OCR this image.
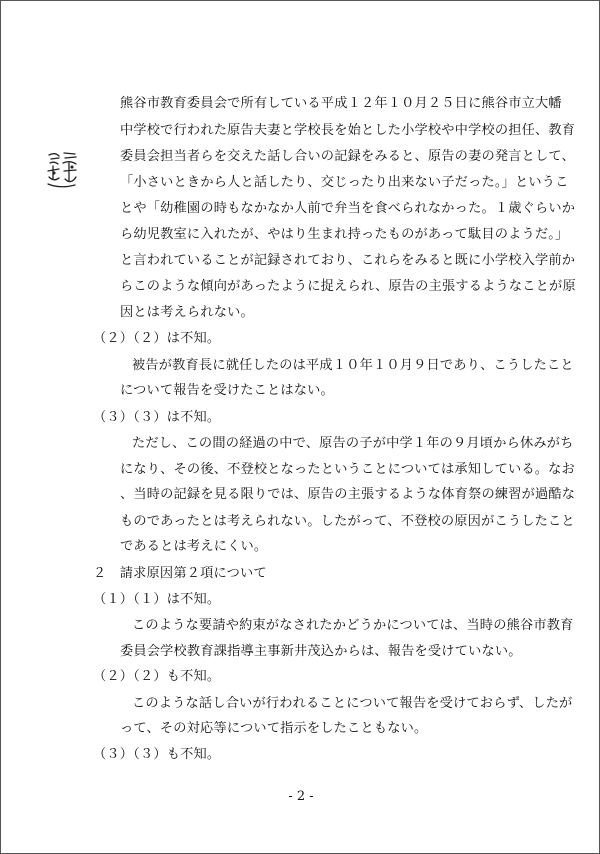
熊谷市教育委員会で所有している平成１２年１０月２５日に熊谷市立大幡
中学校で行われた原告夫妻と学校長を始とした小学校や中学校の担任、教育
委員会担当者らを交えた話し合いの記録をみると、原告の妻の発言として、
「小さいときから人と話したり、交じったり出来ない子だった。」というこ
とや「幼稚園の時もなかなか人前で弁当を食べられなかった。１歳ぐらいか
ら幼児教室に入れたが、やはり生まれ持ったものがあって駄目のようだ。」
と言われていることが記録されており、これらをみると既に小学校入学前か
らこのような傾向があったように捉えられ、原告の主張するようなことが原
因とは考えられない。
（２）（２）は不知。
被告が教育長に就任したのは平成１０年１０月９日であり、こうしたこと
について報告を受けたことはない。
（３）（３）は不知。
ただし、この間の経過の中で、原告の子が中学１年の９月頃から休みがち
になり、その後、不登校となったということについては承知している。なお
、当時の記録を見る限りでは、原告の主張するような体育祭の練習が過酷な
ものであったとは考えられない。したがって、不登校の原因がこうしたこと
であるとは考えにくい。
２　請求原因第２項について
（１）（１）は不知。
このような要請や約束がなされたかどうかについては、当時の熊谷市教育
委員会学校教育課指導主事新井茂込からは、報告を受けていない。
（２）（２）も不知。
このような話し合いが行われることについて報告を受けておらず、したが
って、その対応等について指示をしたこともない。
（３）（３）も不知。
- 2 -
